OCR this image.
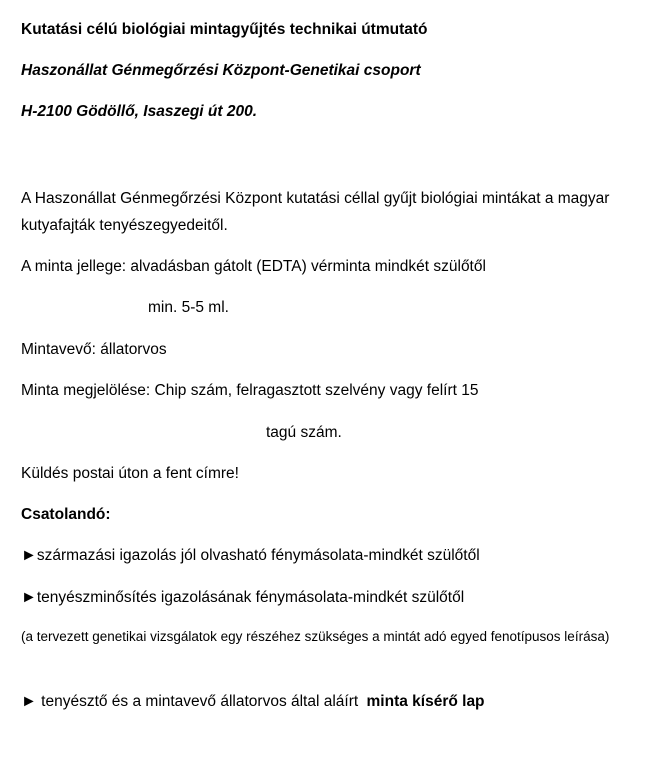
Kutatási célú biológiai mintagyűjtés technikai útmutató
Haszonállat Génmegőrzési Központ-Genetikai csoport
H-2100 Gödöllő, Isaszegi út 200.
A Haszonállat Génmegőrzési Központ kutatási céllal gyűjt biológiai mintákat a magyar kutyafajták tenyészegyedeitől.
A minta jellege: alvadásban gátolt (EDTA) vérminta mindkét szülőtől
min. 5-5 ml.
Mintavevő: állatorvos
Minta megjelölése: Chip szám, felragasztott szelvény vagy felírt 15
tagú szám.
Küldés postai úton a fent címre!
Csatolandó:
►származási igazolás jól olvasható fénymásolata-mindkét szülőtől
►tenyészminősítés igazolásának fénymásolata-mindkét szülőtől
(a tervezett genetikai vizsgálatok egy részéhez szükséges a mintát adó egyed fenotípusos leírása)
► tenyésztő és a mintavevő állatorvos által aláírt minta kísérő lap
